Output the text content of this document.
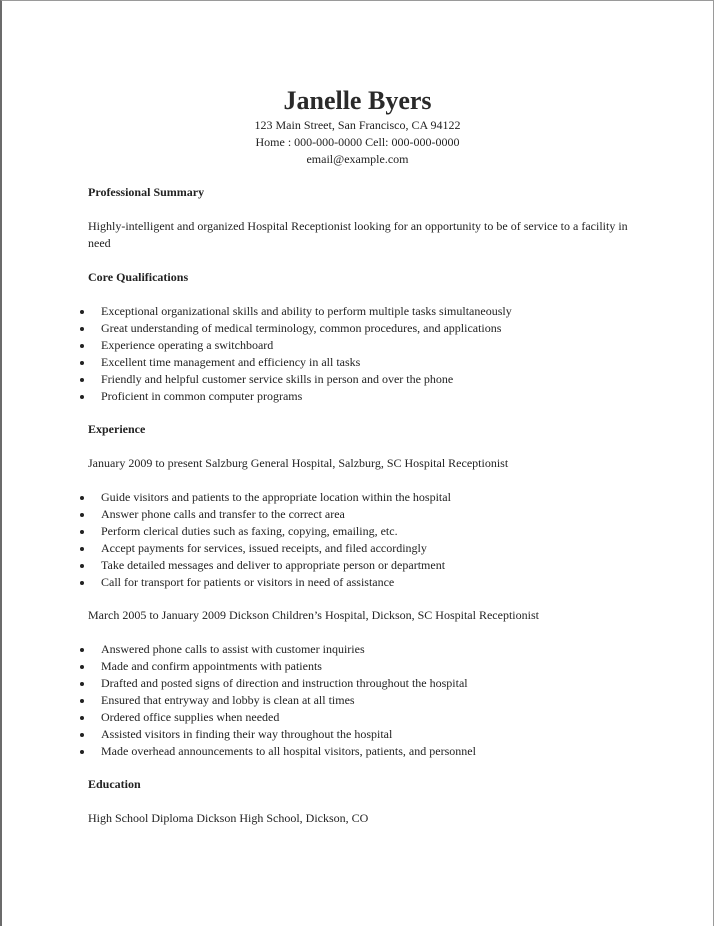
Janelle Byers
123 Main Street, San Francisco, CA 94122
Home : 000-000-0000 Cell: 000-000-0000
email@example.com
Professional Summary
Highly-intelligent and organized Hospital Receptionist looking for an opportunity to be of service to a facility in need
Core Qualifications
Exceptional organizational skills and ability to perform multiple tasks simultaneously
Great understanding of medical terminology, common procedures, and applications
Experience operating a switchboard
Excellent time management and efficiency in all tasks
Friendly and helpful customer service skills in person and over the phone
Proficient in common computer programs
Experience
January 2009 to present Salzburg General Hospital, Salzburg, SC Hospital Receptionist
Guide visitors and patients to the appropriate location within the hospital
Answer phone calls and transfer to the correct area
Perform clerical duties such as faxing, copying, emailing, etc.
Accept payments for services, issued receipts, and filed accordingly
Take detailed messages and deliver to appropriate person or department
Call for transport for patients or visitors in need of assistance
March 2005 to January 2009 Dickson Children’s Hospital, Dickson, SC Hospital Receptionist
Answered phone calls to assist with customer inquiries
Made and confirm appointments with patients
Drafted and posted signs of direction and instruction throughout the hospital
Ensured that entryway and lobby is clean at all times
Ordered office supplies when needed
Assisted visitors in finding their way throughout the hospital
Made overhead announcements to all hospital visitors, patients, and personnel
Education
High School Diploma Dickson High School, Dickson, CO
